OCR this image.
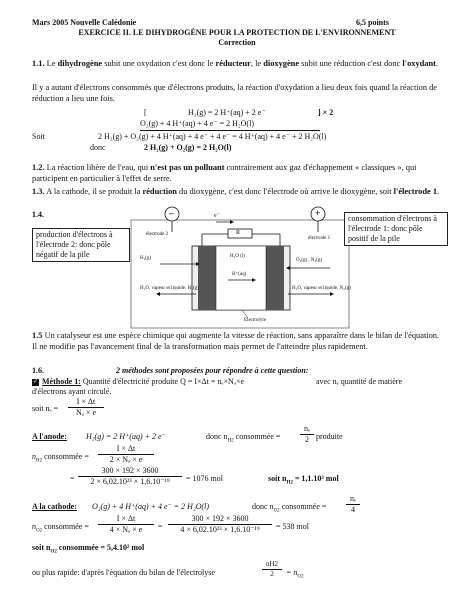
Mars 2005 Nouvelle Calédonie	6,5 points
EXERCICE II. LE DIHYDROGÈNE POUR LA PROTECTION DE L'ENVIRONNEMENT
Correction
1.1. Le dihydrogène subit une oxydation c'est donc le réducteur, le dioxygène subit une réduction c'est donc l'oxydant.
Il y a autant d'électrons consommés que d'électrons produits, la réaction d'oxydation a lieu deux fois quand la réaction de réduction a lieu une fois.
[	H₂(g) = 2 H⁺(aq) + 2 e⁻	] × 2
O₂(g) + 4 H⁺(aq) + 4 e⁻ = 2 H₂O(l)
Soit	2 H₂(g) + O₂(g) + 4 H⁺(aq) + 4 e⁻ + 4 e⁻ = 4 H⁺(aq) + 4 e⁻ + 2 H₂O(l)
donc	2 H₂(g) + O₂(g) = 2 H₂O(l)
1.2. La réaction libère de l'eau, qui n'est pas un polluant contrairement aux gaz d'échappement « classiques », qui participent en particulier à l'effet de serre.
1.3. A la cathode, il se produit la réduction du dioxygène, c'est donc l'électrode où arrive le dioxygène, soit l'électrode 1.
1.4.	–	+
e⁻
R
électrode 2
électrode 1
H₂(g)	H₂O (l)
H⁺(aq)
O₂(g) , N₂(g)
H₂O, vapeur et liquide, H₂(g)	H₂O, vapeur et liquide, N₂(g)
Electrolyte
production d'électrons à l'électrode 2: donc pôle négatif de la pile
consommation d'électrons à l'électrode 1: donc pôle positif de la pile
1.5 Un catalyseur est une espèce chimique qui augmente la vitesse de réaction, sans apparaître dans le bilan de l'équation. Il ne modifie pas l'avancement final de la transformation mais permet de l'atteindre plus rapidement.
1.6.	2 méthodes sont proposées pour répondre à cette question:
✓ Méthode 1: Quantité d'électricité produite Q = I×Δt = nₑ×Nₐ×e	avec nₑ quantité de matière
d'électrons ayant circulé.
soit $n_e = \frac{I \times \Delta t}{\text{Nₐ × e}}$
A l'anode: H₂(g) = 2 H⁺(aq) + 2 e⁻	donc $n_{H2}$ consommée = $\frac{\text{nₑ}}{2}$ produite
$n_{H2}$ consommée = $\frac{I \times \Delta t}{\text{2 × Nₐ × e}}$
= $\frac{300 \times 192 \times 3600}{\text{2 × 6,02.10²³ × 1,6.10⁻¹⁹}} = 1076$ mol	soit $n_{H2} = 1,1.10^3$ mol
A la cathode: O₂(g) + 4 H⁺(aq) + 4 e⁻ = 2 H₂O(l)	donc $n_{O2}$ consommée = $\frac{\text{nₑ}}{4}$
$n_{O2}$ consommée = $\frac{I \times \Delta t}{\text{4 × Nₐ × e}} = \frac{300 \times 192 \times 3600}{\text{4 × 6,02.10²³ × 1,6.10⁻¹⁹}} = 538$ mol
soit $n_{O2}$ consommée = 5,4.10² mol
ou plus rapide: d'après l'équation du bilan de l'électrolyse	$\frac{nH2}{2} = n_{O2}$
